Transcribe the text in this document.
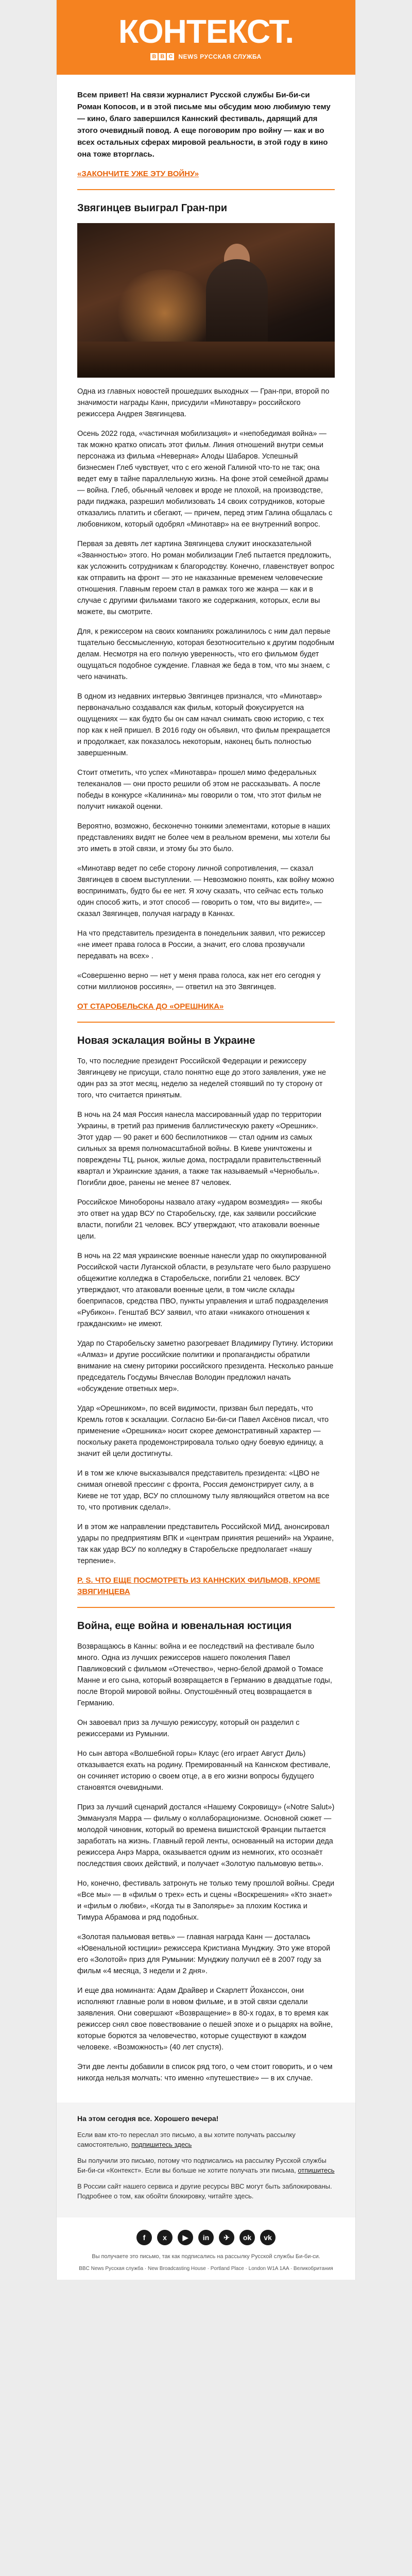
КОНТЕКСТ.
B B C NEWS РУССКАЯ СЛУЖБА

Всем привет! На связи журналист Русской службы Би-би-си Роман Копосов, и в этой письме мы обсудим мою любимую тему — кино, благо завершился Каннский фестиваль, дарящий для этого очевидный повод. А еще поговорим про войну — как и во всех остальных сферах мировой реальности, в этой году в кино она тоже вторглась.

«ЗАКОНЧИТЕ УЖЕ ЭТУ ВОЙНУ»

Звягинцев выиграл Гран-при

Одна из главных новостей прошедших выходных — Гран-при, второй по значимости награды Канн, присудили «Минотавру» российского режиссера Андрея Звягинцева.

Осень 2022 года, «частичная мобилизация» и «непобедимая война» — так можно кратко описать этот фильм. Линия отношений внутри семьи персонажа из фильма «Неверная» Алоды Шабаров. Успешный бизнесмен Глеб чувствует, что с его женой Галиной что-то не так; она ведет ему в тайне параллельную жизнь. На фоне этой семейной драмы — война. Глеб, обычный человек и вроде не плохой, на производстве, ради пиджака, разрешил мобилизовать 14 своих сотрудников, которые отказались платить и сбегают, — причем, перед этим Галина общалась с любовником, который одобрял «Минотавр» на ее внутренний вопрос.

Первая за девять лет картина Звягинцева служит иносказательной «Званностью» этого. Но роман мобилизации Глеб пытается предложить, как усложнить сотрудникам к благородству. Конечно, главенствует вопрос как отправить на фронт — это не наказанные временем человеческие отношения. Главным героем стал в рамках того же жанра — как и в случае с другими фильмами такого же содержания, которых, если вы можете, вы смотрите.

Для, к режиссером на своих компаниях рожалинилось с ним дал первые тщательно бессмысленную, которая безотносительно к другим подобным делам. Несмотря на его полную уверенность, что его фильмом будет ощущаться подобное суждение. Главная же беда в том, что мы знаем, с чего начинать.

В одном из недавних интервью Звягинцев признался, что «Минотавр» первоначально создавался как фильм, который фокусируется на ощущениях — как будто бы он сам начал снимать свою историю, с тех пор как к ней пришел. В 2016 году он объявил, что фильм прекращается и продолжает, как показалось некоторым, наконец быть полностью завершенным.

Стоит отметить, что успех «Минотавра» прошел мимо федеральных телеканалов — они просто решили об этом не рассказывать. А после победы в конкурсе «Калинина» мы говорили о том, что этот фильм не получит никакой оценки.

Вероятно, возможно, бесконечно тонкими элементами, которые в наших представлениях видят не более чем в реальном времени, мы хотели бы это иметь в этой связи, и этому бы это было.

«Минотавр ведет по себе сторону личной сопротивления, — сказал Звягинцев в своем выступлении. — Невозможно понять, как войну можно воспринимать, будто бы ее нет. Я хочу сказать, что сейчас есть только один способ жить, и этот способ — говорить о том, что вы видите», — сказал Звягинцев, получая награду в Каннах.

На что представитель президента в понедельник заявил, что режиссер «не имеет права голоса в России, а значит, его слова прозвучали передавать на всех» .

«Совершенно верно — нет у меня права голоса, как нет его сегодня у сотни миллионов россиян», — ответил на это Звягинцев.

ОТ СТАРОБЕЛЬСКА ДО «ОРЕШНИКА»

Новая эскалация войны в Украине

То, что последние президент Российской Федерации и режиссеру Звягинцеву не присущи, стало понятно еще до этого заявления, уже не один раз за этот месяц, неделю за неделей стоявший по ту сторону от того, что считается принятым.

В ночь на 24 мая Россия нанесла массированный удар по территории Украины, в третий раз применив баллистическую ракету «Орешник». Этот удар — 90 ракет и 600 беспилотников — стал одним из самых сильных за время полномасштабной войны. В Киеве уничтожены и повреждены ТЦ, рынок, жилые дома, пострадали правительственный квартал и Украинские здания, а также так называемый «Чернобыль». Погибли двое, ранены не менее 87 человек.

Российское Минобороны назвало атаку «ударом возмездия» — якобы это ответ на удар ВСУ по Старобельску, где, как заявили российские власти, погибли 21 человек. ВСУ утверждают, что атаковали военные цели.

В ночь на 22 мая украинские военные нанесли удар по оккупированной Российской части Луганской области, в результате чего было разрушено общежитие колледжа в Старобельске, погибли 21 человек. ВСУ утверждают, что атаковали военные цели, в том числе склады боеприпасов, средства ПВО, пункты управления и штаб подразделения «Рубикон». Генштаб ВСУ заявил, что атаки «никакого отношения к гражданским» не имеют.

Удар по Старобельску заметно разогревает Владимиру Путину. Историки «Алмаз» и другие российские политики и пропагандисты обратили внимание на смену риторики российского президента. Несколько раньше председатель Госдумы Вячеслав Володин предложил начать «обсуждение ответных мер».

Удар «Орешником», по всей видимости, призван был передать, что Кремль готов к эскалации. Согласно Би-би-си Павел Аксёнов писал, что применение «Орешника» носит скорее демонстративный характер — поскольку ракета продемонстрировала только одну боевую единицу, а значит ей цели достигнуты.

И в том же ключе высказывался представитель президента: «ЦВО не снимая огневой прессинг с фронта, Россия демонстрирует силу, а в Киеве не тот удар, ВСУ по сплошному тылу являющийся ответом на все то, что противник сделал».

И в этом же направлении представитель Российской МИД, анонсировал удары по предприятиям ВПК и «центрам принятия решений» на Украине, так как удар ВСУ по колледжу в Старобельске предполагает «нашу терпение».

P. S. ЧТО ЕЩЕ ПОСМОТРЕТЬ ИЗ КАННСКИХ ФИЛЬМОВ, КРОМЕ ЗВЯГИНЦЕВА

Война, еще война и ювенальная юстиция

Возвращаюсь в Канны: война и ее последствий на фестивале было много. Одна из лучших режиссеров нашего поколения Павел Павликовский с фильмом «Отечество», черно-белой драмой о Томасе Манне и его сына, который возвращается в Германию в двадцатые годы, после Второй мировой войны. Опустошённый отец возвращается в Германию.

Он завоевал приз за лучшую режиссуру, который он разделил с режиссерами из Румынии.

Но сын автора «Волшебной горы» Клаус (его играет Август Диль) отказывается ехать на родину. Премированный на Каннском фестивале, он сочиняет историю о своем отце, а в его жизни вопросы будущего становятся очевидными.

Приз за лучший сценарий достался «Нашему Сокровищу» («Notre Salut») Эммануэля Марра — фильму о коллаборационизме. Основной сюжет — молодой чиновник, который во времена вишистской Франции пытается заработать на жизнь. Главный герой ленты, основанный на истории деда режиссера Анрэ Марра, оказывается одним из немногих, кто осознаёт последствия своих действий, и получает «Золотую пальмовую ветвь».

Но, конечно, фестиваль затронуть не только тему прошлой войны. Среди «Все мы» — в «фильм о трех» есть и сцены «Воскрешения» «Кто знает» и «фильм о любви», «Когда ты в Заполярье» за плохим Костика и Тимура Абрамова и ряд подобных.

«Золотая пальмовая ветвь» — главная награда Канн — досталась «Ювенальной юстиции» режиссера Кристиана Мунджиу. Это уже второй его «Золотой» приз для Румынии: Мунджиу получил её в 2007 году за фильм «4 месяца, 3 недели и 2 дня».

И еще два номинанта: Адам Драйвер и Скарлетт Йоханссон, они исполняют главные роли в новом фильме, и в этой связи сделали заявления. Они совершают «Возвращение» в 80-х годах, в то время как режиссер снял свое повествование о пешей эпохе и о рыцарях на войне, которые борются за человечество, которые существуют в каждом человеке. «Возможность» (40 лет спустя).

Эти две ленты добавили в список ряд того, о чем стоит говорить, и о чем никогда нельзя молчать: что именно «путешествие» — в их случае.

На этом сегодня все. Хорошего вечера!

Если вам кто-то переслал это письмо, а вы хотите получать рассылку самостоятельно, подпишитесь здесь

Вы получили это письмо, потому что подписались на рассылку Русской службы Би-би-си «Контекст». Если вы больше не хотите получать эти письма, отпишитесь

В России сайт нашего сервиса и другие ресурсы ВВС могут быть заблокированы. Подробнее о том, как обойти блокировку, читайте здесь.

f	x	▶	in	✈	ok	vk

Вы получаете это письмо, так как подписались на рассылку Русской службы Би-би-си.

BBC News Русская служба · New Broadcasting House · Portland Place · London W1A 1AA · Великобритания
